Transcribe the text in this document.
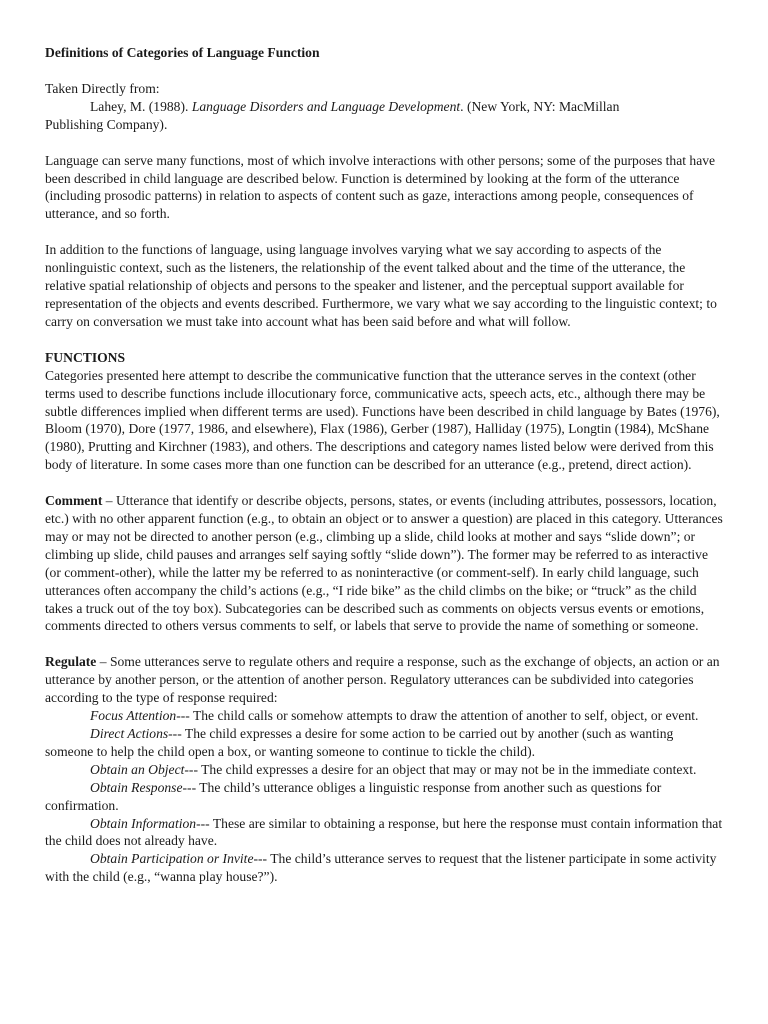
Definitions of Categories of Language Function

Taken Directly from:
Lahey, M. (1988). Language Disorders and Language Development. (New York, NY: MacMillan
Publishing Company).

Language can serve many functions, most of which involve interactions with other persons; some of the purposes that have been described in child language are described below. Function is determined by looking at the form of the utterance (including prosodic patterns) in relation to aspects of content such as gaze, interactions among people, consequences of utterance, and so forth.

In addition to the functions of language, using language involves varying what we say according to aspects of the nonlinguistic context, such as the listeners, the relationship of the event talked about and the time of the utterance, the relative spatial relationship of objects and persons to the speaker and listener, and the perceptual support available for representation of the objects and events described. Furthermore, we vary what we say according to the linguistic context; to carry on conversation we must take into account what has been said before and what will follow.

FUNCTIONS

Categories presented here attempt to describe the communicative function that the utterance serves in the context (other terms used to describe functions include illocutionary force, communicative acts, speech acts, etc., although there may be subtle differences implied when different terms are used). Functions have been described in child language by Bates (1976), Bloom (1970), Dore (1977, 1986, and elsewhere), Flax (1986), Gerber (1987), Halliday (1975), Longtin (1984), McShane (1980), Prutting and Kirchner (1983), and others. The descriptions and category names listed below were derived from this body of literature. In some cases more than one function can be described for an utterance (e.g., pretend, direct action).

Comment – Utterance that identify or describe objects, persons, states, or events (including attributes, possessors, location, etc.) with no other apparent function (e.g., to obtain an object or to answer a question) are placed in this category. Utterances may or may not be directed to another person (e.g., climbing up a slide, child looks at mother and says “slide down”; or climbing up slide, child pauses and arranges self saying softly “slide down”). The former may be referred to as interactive (or comment-other), while the latter my be referred to as noninteractive (or comment-self). In early child language, such utterances often accompany the child’s actions (e.g., “I ride bike” as the child climbs on the bike; or “truck” as the child takes a truck out of the toy box). Subcategories can be described such as comments on objects versus events or emotions, comments directed to others versus comments to self, or labels that serve to provide the name of something or someone.

Regulate – Some utterances serve to regulate others and require a response, such as the exchange of objects, an action or an utterance by another person, or the attention of another person. Regulatory utterances can be subdivided into categories according to the type of response required:

Focus Attention--- The child calls or somehow attempts to draw the attention of another to self, object, or event.

Direct Actions--- The child expresses a desire for some action to be carried out by another (such as wanting someone to help the child open a box, or wanting someone to continue to tickle the child).

Obtain an Object--- The child expresses a desire for an object that may or may not be in the immediate context.

Obtain Response--- The child’s utterance obliges a linguistic response from another such as questions for confirmation.

Obtain Information--- These are similar to obtaining a response, but here the response must contain information that the child does not already have.

Obtain Participation or Invite--- The child’s utterance serves to request that the listener participate in some activity with the child (e.g., “wanna play house?”).
